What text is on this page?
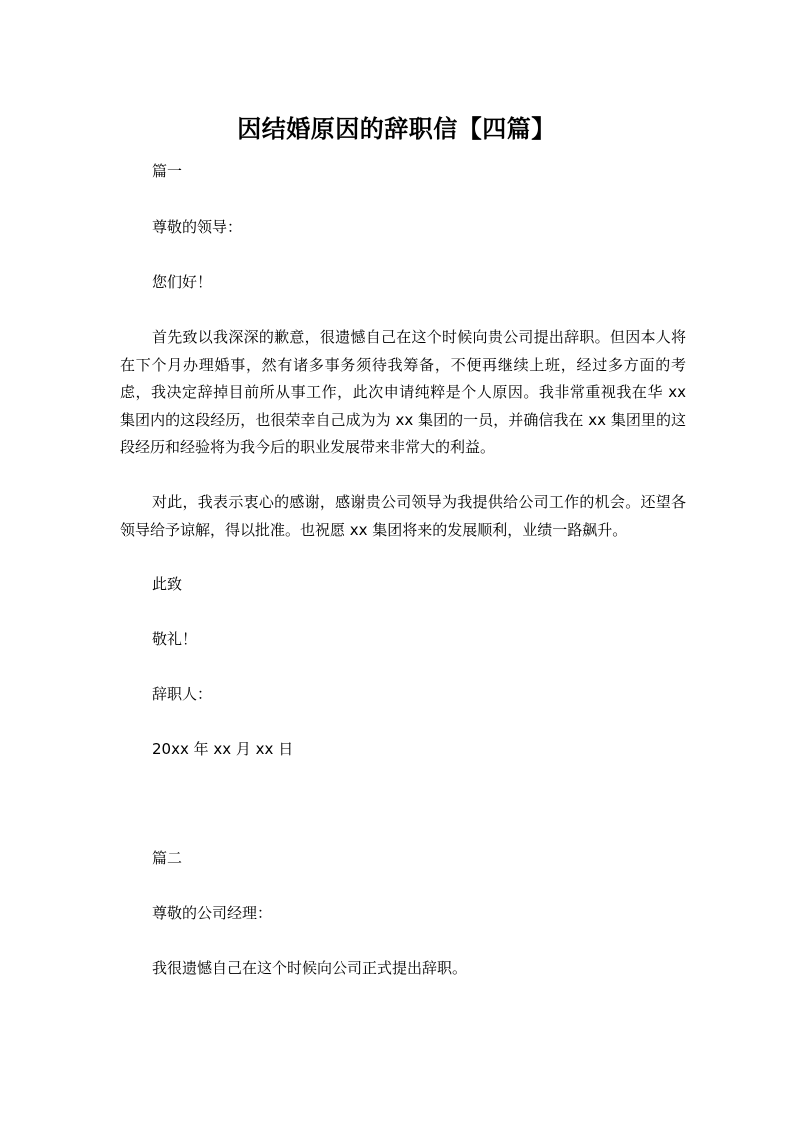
因结婚原因的辞职信【四篇】

篇一

尊敬的领导：

您们好！

首先致以我深深的歉意，很遗憾自己在这个时候向贵公司提出辞职。但因本人将在下个月办理婚事，然有诸多事务须待我筹备，不便再继续上班，经过多方面的考虑，我决定辞掉目前所从事工作，此次申请纯粹是个人原因。我非常重视我在华 xx 集团内的这段经历，也很荣幸自己成为为 xx 集团的一员，并确信我在 xx 集团里的这段经历和经验将为我今后的职业发展带来非常大的利益。

对此，我表示衷心的感谢，感谢贵公司领导为我提供给公司工作的机会。还望各领导给予谅解，得以批准。也祝愿 xx 集团将来的发展顺利，业绩一路飙升。

此致

敬礼！

辞职人：

20xx 年 xx 月 xx 日

篇二

尊敬的公司经理：

我很遗憾自己在这个时候向公司正式提出辞职。
